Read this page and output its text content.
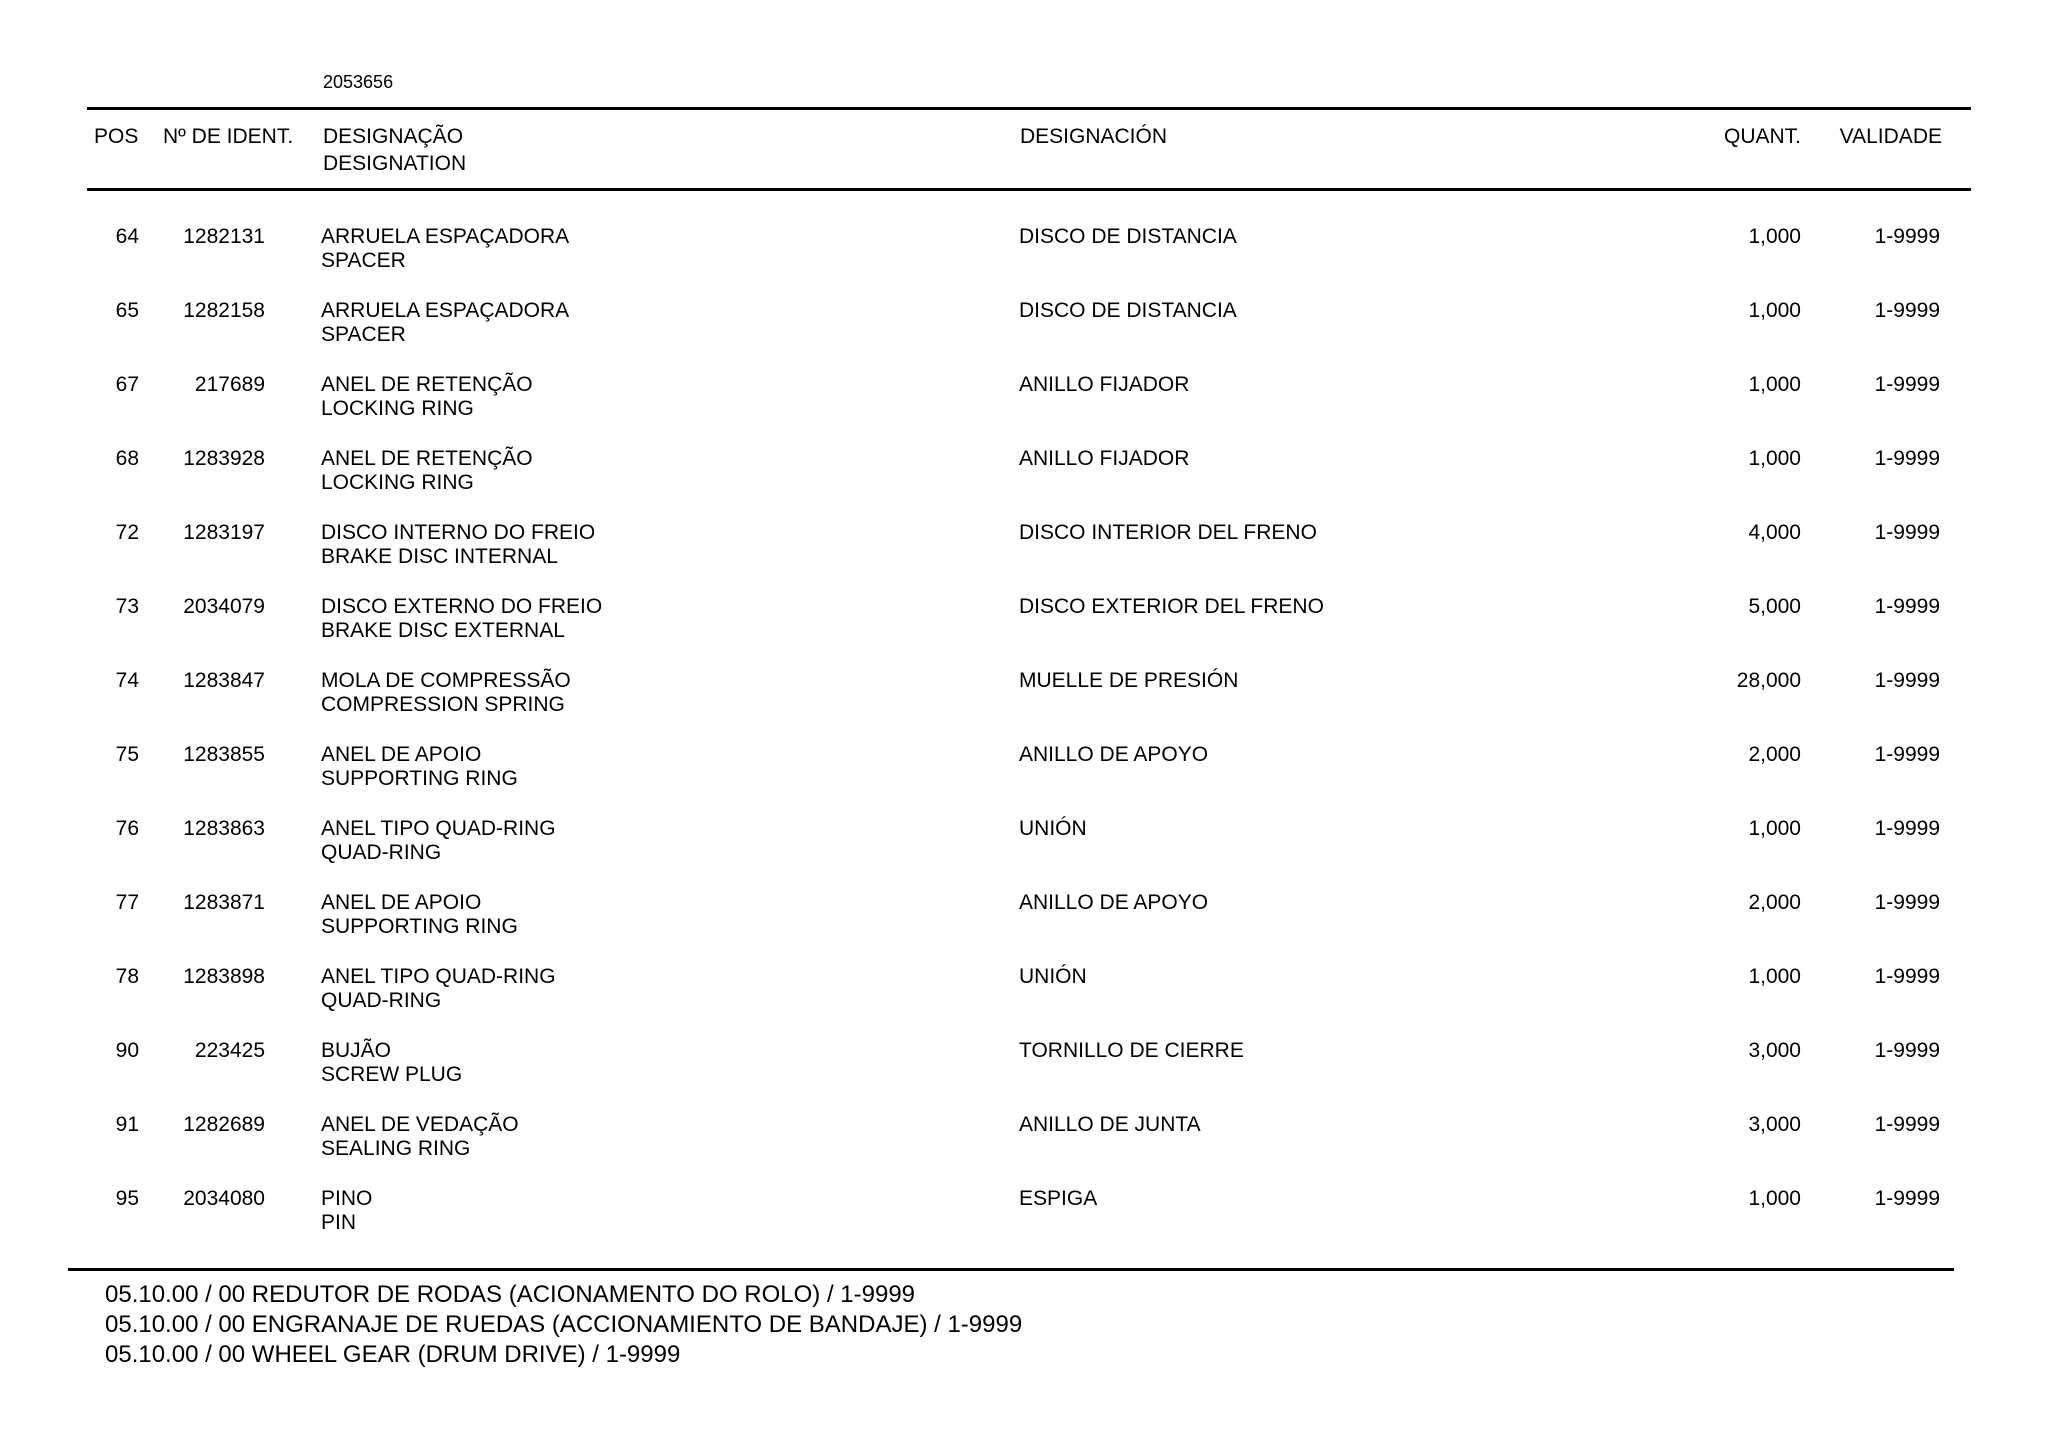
2053656
POS Nº DE IDENT. DESIGNAÇÃO
DESIGNATION
DESIGNACIÓN	QUANT. VALIDADE
64 1282131	ARRUELA ESPAÇADORA
SPACER
DISCO DE DISTANCIA	1,000	1-9999
65 1282158	ARRUELA ESPAÇADORA
SPACER
DISCO DE DISTANCIA	1,000	1-9999
67	217689	ANEL DE RETENÇÃO
LOCKING RING
ANILLO FIJADOR	1,000	1-9999
68 1283928	ANEL DE RETENÇÃO
LOCKING RING
ANILLO FIJADOR	1,000	1-9999
72 1283197	DISCO INTERNO DO FREIO
BRAKE DISC INTERNAL
DISCO INTERIOR DEL FRENO	4,000	1-9999
73 2034079	DISCO EXTERNO DO FREIO
BRAKE DISC EXTERNAL
DISCO EXTERIOR DEL FRENO	5,000	1-9999
74 1283847	MOLA DE COMPRESSÃO
COMPRESSION SPRING
MUELLE DE PRESIÓN	28,000	1-9999
75 1283855	ANEL DE APOIO
SUPPORTING RING
ANILLO DE APOYO	2,000	1-9999
76 1283863	ANEL TIPO QUAD-RING
QUAD-RING
UNIÓN	1,000	1-9999
77 1283871	ANEL DE APOIO
SUPPORTING RING
ANILLO DE APOYO	2,000	1-9999
78 1283898	ANEL TIPO QUAD-RING
QUAD-RING
UNIÓN	1,000	1-9999
90	223425	BUJÃO
SCREW PLUG
TORNILLO DE CIERRE	3,000	1-9999
91 1282689	ANEL DE VEDAÇÃO
SEALING RING
ANILLO DE JUNTA	3,000	1-9999
95 2034080	PINO
PIN
ESPIGA	1,000	1-9999
05.10.00 / 00 REDUTOR DE RODAS (ACIONAMENTO DO ROLO) / 1-9999
05.10.00 / 00 ENGRANAJE DE RUEDAS (ACCIONAMIENTO DE BANDAJE) / 1-9999
05.10.00 / 00 WHEEL GEAR (DRUM DRIVE) / 1-9999
